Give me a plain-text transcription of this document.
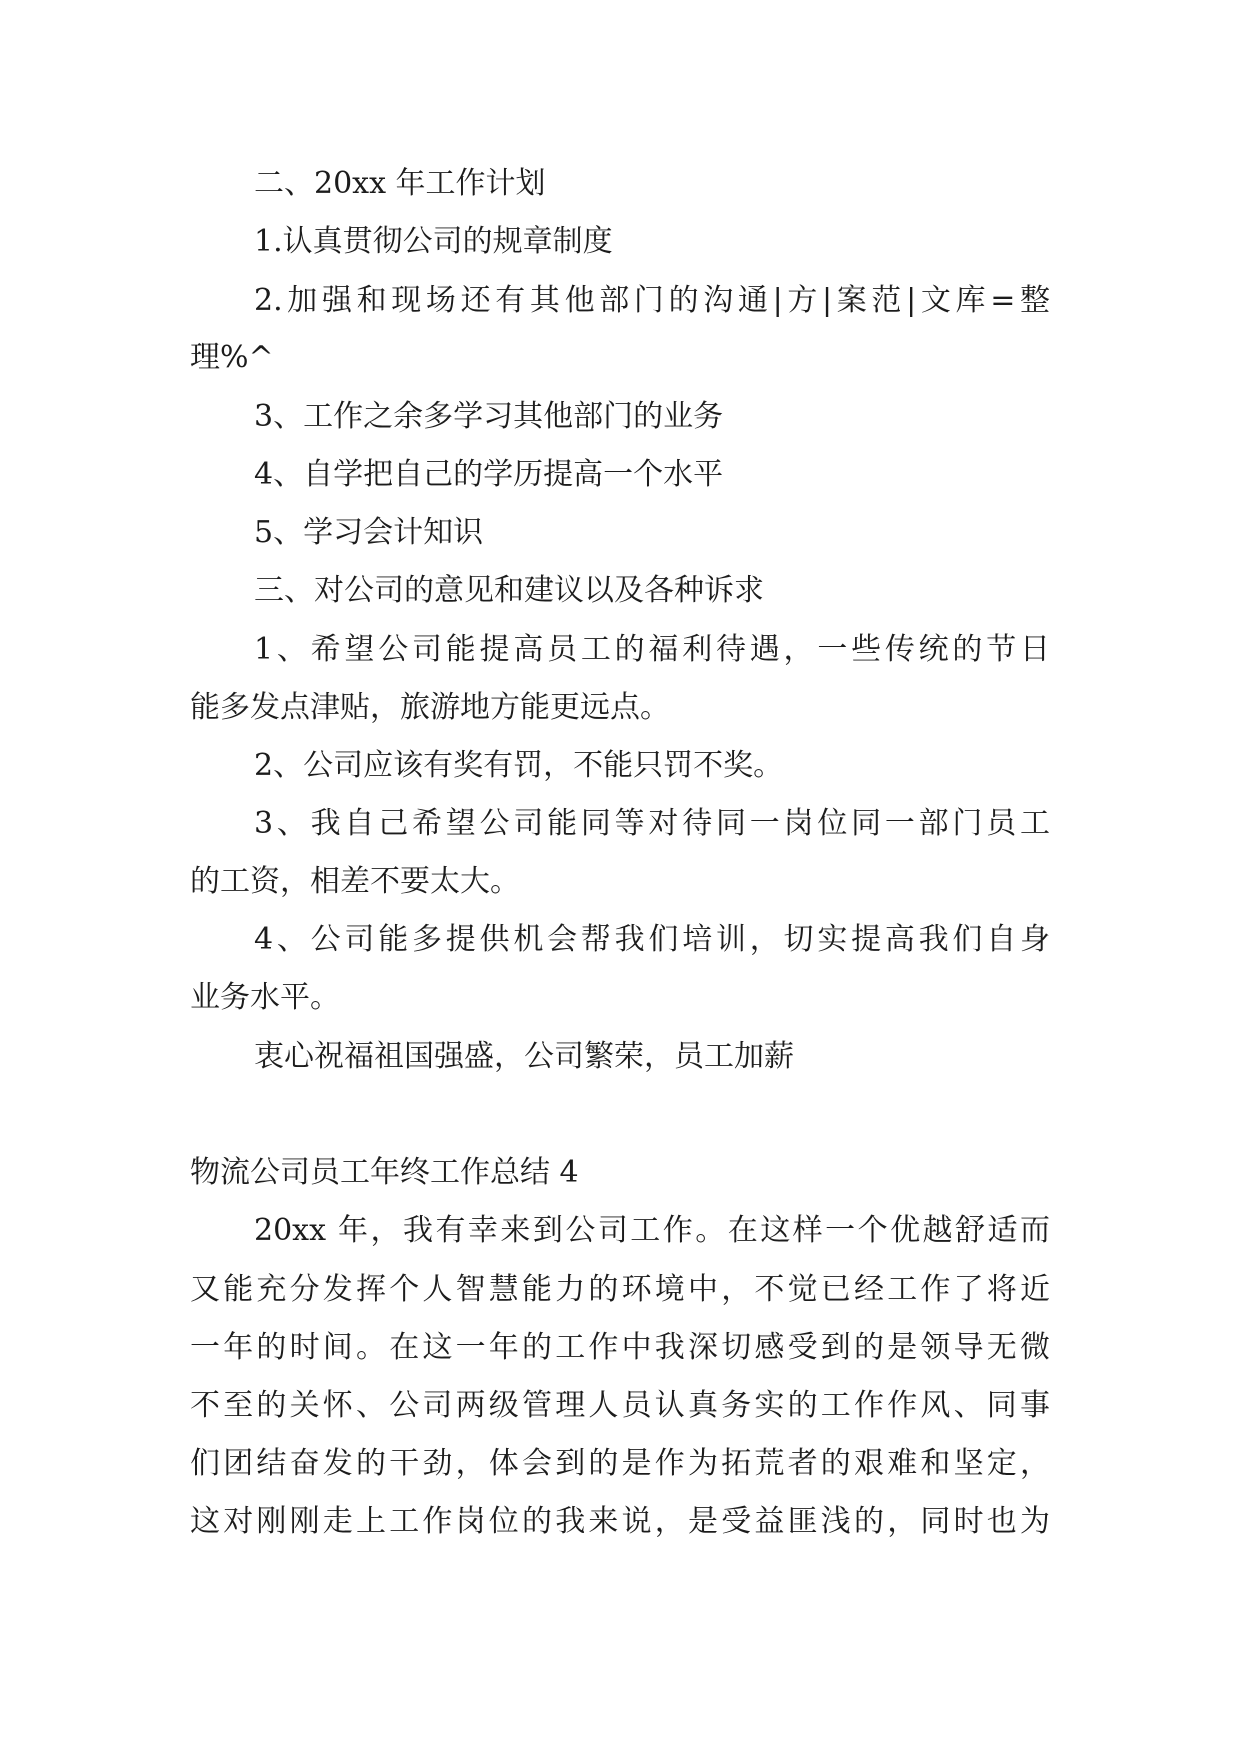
二、20xx 年工作计划
1.认真贯彻公司的规章制度
2.加强和现场还有其他部门的沟通|方|案范|文库=整
理%^
3、工作之余多学习其他部门的业务
4、自学把自己的学历提高一个水平
5、学习会计知识
三、对公司的意见和建议以及各种诉求
1、希望公司能提高员工的福利待遇，一些传统的节日
能多发点津贴，旅游地方能更远点。
2、公司应该有奖有罚，不能只罚不奖。
3、我自己希望公司能同等对待同一岗位同一部门员工
的工资，相差不要太大。
4、公司能多提供机会帮我们培训，切实提高我们自身
业务水平。
衷心祝福祖国强盛，公司繁荣，员工加薪
物流公司员工年终工作总结 4
20xx 年，我有幸来到公司工作。在这样一个优越舒适而
又能充分发挥个人智慧能力的环境中，不觉已经工作了将近
一年的时间。在这一年的工作中我深切感受到的是领导无微
不至的关怀、公司两级管理人员认真务实的工作作风、同事
们团结奋发的干劲，体会到的是作为拓荒者的艰难和坚定，
这对刚刚走上工作岗位的我来说，是受益匪浅的，同时也为
